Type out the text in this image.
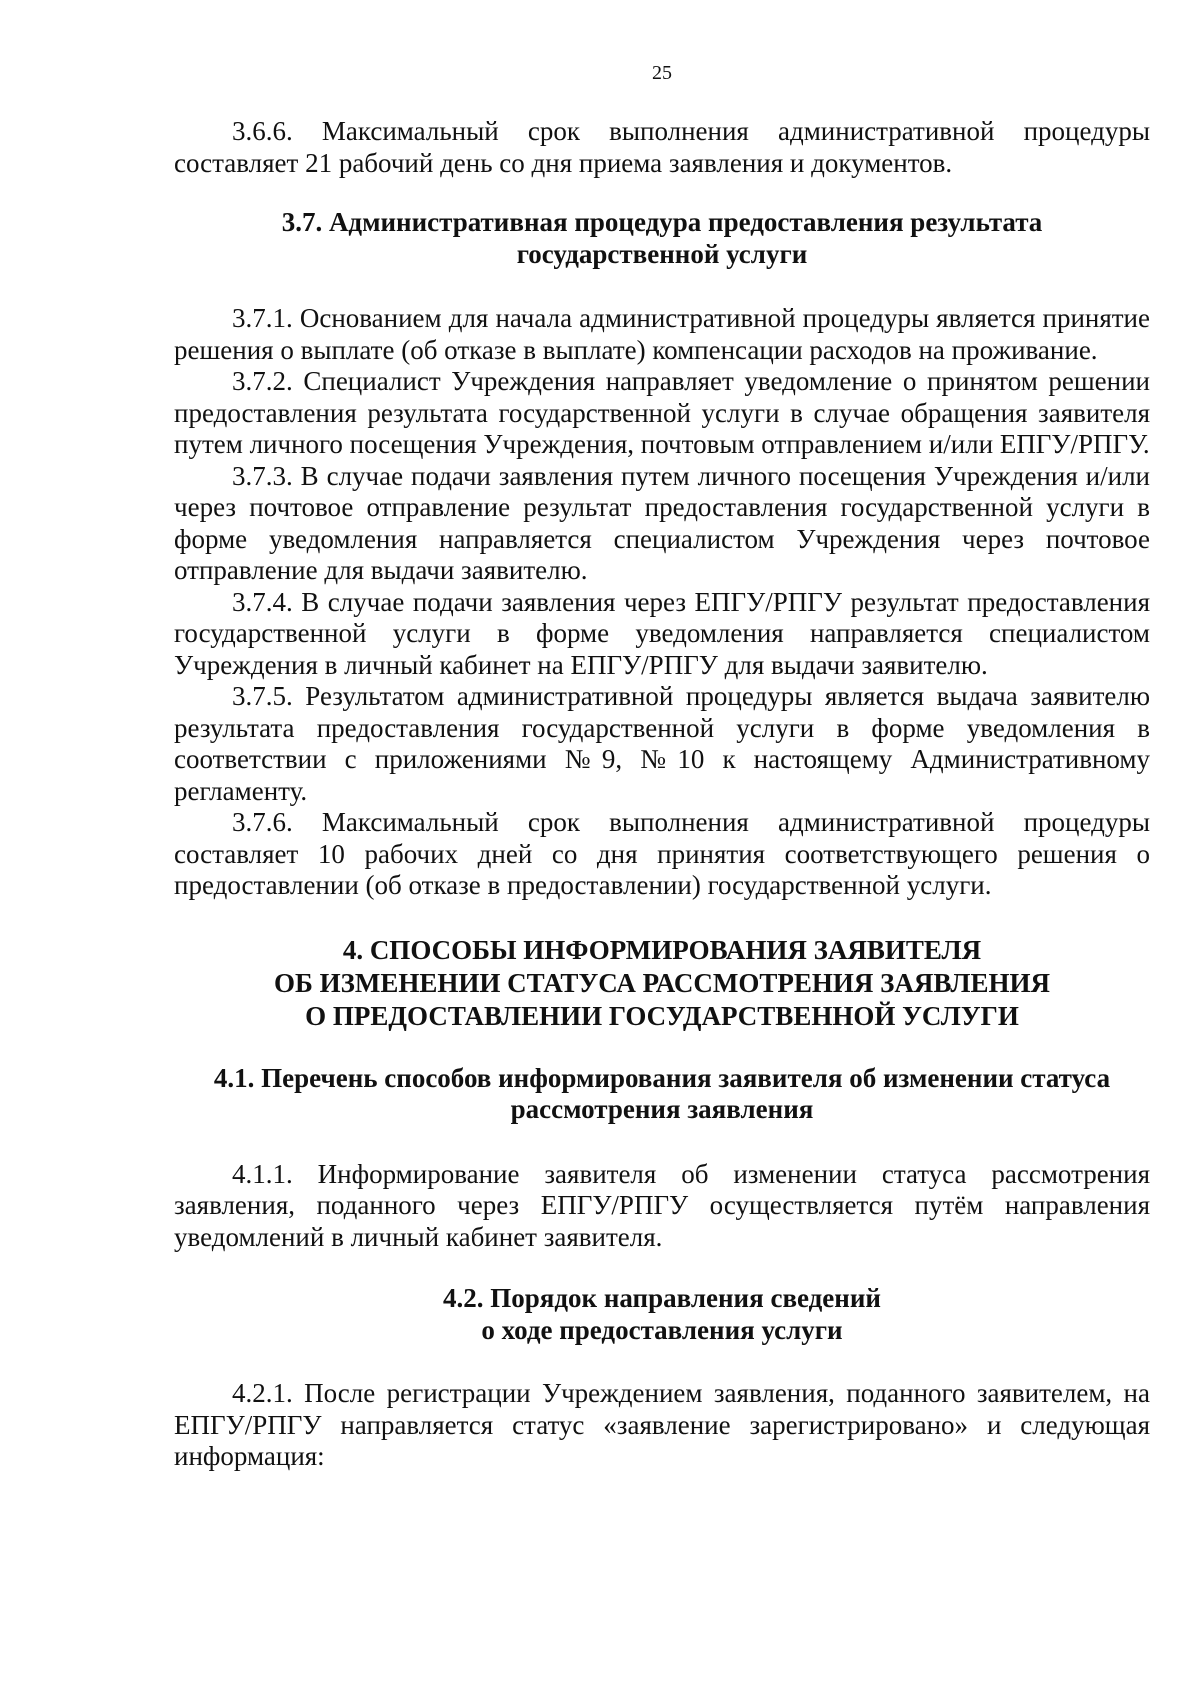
25

3.6.6. Максимальный срок выполнения административной процедуры составляет 21 рабочий день со дня приема заявления и документов.

3.7. Административная процедура предоставления результата
государственной услуги

3.7.1. Основанием для начала административной процедуры является принятие решения о выплате (об отказе в выплате) компенсации расходов на проживание.

3.7.2. Специалист Учреждения направляет уведомление о принятом решении предоставления результата государственной услуги в случае обращения заявителя путем личного посещения Учреждения, почтовым отправлением и/или ЕПГУ/РПГУ.

3.7.3. В случае подачи заявления путем личного посещения Учреждения и/или через почтовое отправление результат предоставления государственной услуги в форме уведомления направляется специалистом Учреждения через почтовое отправление для выдачи заявителю.

3.7.4. В случае подачи заявления через ЕПГУ/РПГУ результат предоставления государственной услуги в форме уведомления направляется специалистом Учреждения в личный кабинет на ЕПГУ/РПГУ для выдачи заявителю.

3.7.5. Результатом административной процедуры является выдача заявителю результата предоставления государственной услуги в форме уведомления в соответствии с приложениями №9, №10 к настоящему Административному регламенту.

3.7.6. Максимальный срок выполнения административной процедуры составляет 10 рабочих дней со дня принятия соответствующего решения о предоставлении (об отказе в предоставлении) государственной услуги.

4. СПОСОБЫ ИНФОРМИРОВАНИЯ ЗАЯВИТЕЛЯ
ОБ ИЗМЕНЕНИИ СТАТУСА РАССМОТРЕНИЯ ЗАЯВЛЕНИЯ
О ПРЕДОСТАВЛЕНИИ ГОСУДАРСТВЕННОЙ УСЛУГИ
4.1. Перечень способов информирования заявителя об изменении статуса
рассмотрения заявления

4.1.1. Информирование заявителя об изменении статуса рассмотрения заявления, поданного через ЕПГУ/РПГУ осуществляется путём направления уведомлений в личный кабинет заявителя.

4.2. Порядок направления сведений
о ходе предоставления услуги

4.2.1. После регистрации Учреждением заявления, поданного заявителем, на ЕПГУ/РПГУ направляется статус «заявление зарегистрировано» и следующая информация:
